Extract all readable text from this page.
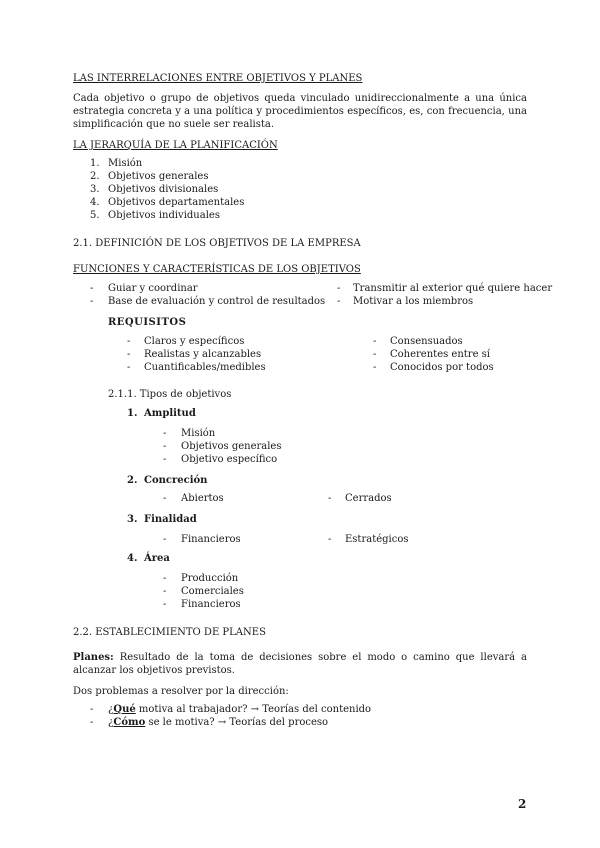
LAS INTERRELACIONES ENTRE OBJETIVOS Y PLANES
Cada objetivo o grupo de objetivos queda vinculado unidireccionalmente a una única estrategia concreta y a una política y procedimientos específicos, es, con frecuencia, una simplificación que no suele ser realista.
LA JERARQUÍA DE LA PLANIFICACIÓN
1. Misión
2. Objetivos generales
3. Objetivos divisionales
4. Objetivos departamentales
5. Objetivos individuales
2.1. DEFINICIÓN DE LOS OBJETIVOS DE LA EMPRESA
FUNCIONES Y CARACTERÍSTICAS DE LOS OBJETIVOS
- Guiar y coordinar
- Base de evaluación y control de resultados
- Transmitir al exterior qué quiere hacer
- Motivar a los miembros
REQUISITOS
- Claros y específicos
- Realistas y alcanzables
- Cuantificables/medibles
- Consensuados
- Coherentes entre sí
- Conocidos por todos
2.1.1. Tipos de objetivos
1. Amplitud
- Misión
- Objetivos generales
- Objetivo específico
2. Concreción
- Abiertos	- Cerrados
3. Finalidad
- Financieros	- Estratégicos
4. Área
- Producción
- Comerciales
- Financieros
2.2. ESTABLECIMIENTO DE PLANES
Planes: Resultado de la toma de decisiones sobre el modo o camino que llevará a alcanzar los objetivos previstos.
Dos problemas a resolver por la dirección:
- ¿Qué motiva al trabajador? → Teorías del contenido
- ¿Cómo se le motiva? → Teorías del proceso
2
